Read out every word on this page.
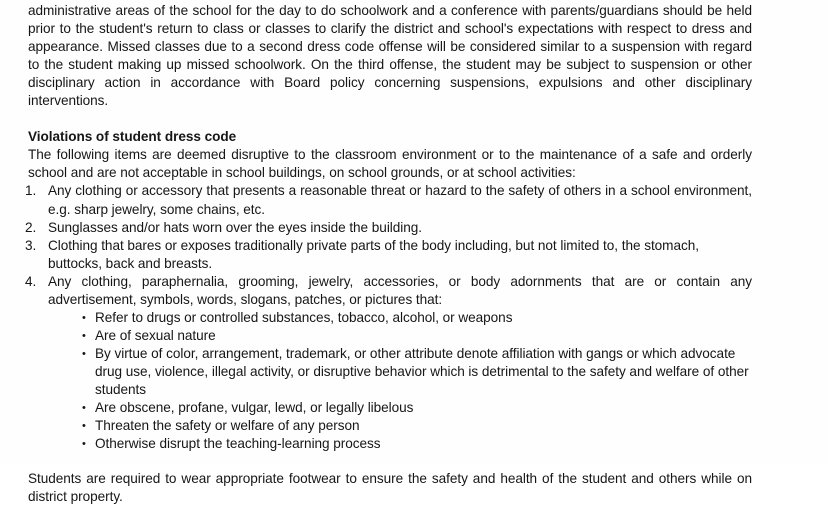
administrative areas of the school for the day to do schoolwork and a conference with parents/guardians should be held prior to the student's return to class or classes to clarify the district and school's expectations with respect to dress and appearance. Missed classes due to a second dress code offense will be considered similar to a suspension with regard to the student making up missed schoolwork. On the third offense, the student may be subject to suspension or other disciplinary action in accordance with Board policy concerning suspensions, expulsions and other disciplinary interventions.

Violations of student dress code

The following items are deemed disruptive to the classroom environment or to the maintenance of a safe and orderly school and are not acceptable in school buildings, on school grounds, or at school activities:

1. Any clothing or accessory that presents a reasonable threat or hazard to the safety of others in a school environment, e.g. sharp jewelry, some chains, etc.
2. Sunglasses and/or hats worn over the eyes inside the building.
3. Clothing that bares or exposes traditionally private parts of the body including, but not limited to, the stomach, buttocks, back and breasts.
4. Any clothing, paraphernalia, grooming, jewelry, accessories, or body adornments that are or contain any advertisement, symbols, words, slogans, patches, or pictures that:
• Refer to drugs or controlled substances, tobacco, alcohol, or weapons
• Are of sexual nature
• By virtue of color, arrangement, trademark, or other attribute denote affiliation with gangs or which advocate drug use, violence, illegal activity, or disruptive behavior which is detrimental to the safety and welfare of other students
• Are obscene, profane, vulgar, lewd, or legally libelous
• Threaten the safety or welfare of any person
• Otherwise disrupt the teaching-learning process

Students are required to wear appropriate footwear to ensure the safety and health of the student and others while on district property.
